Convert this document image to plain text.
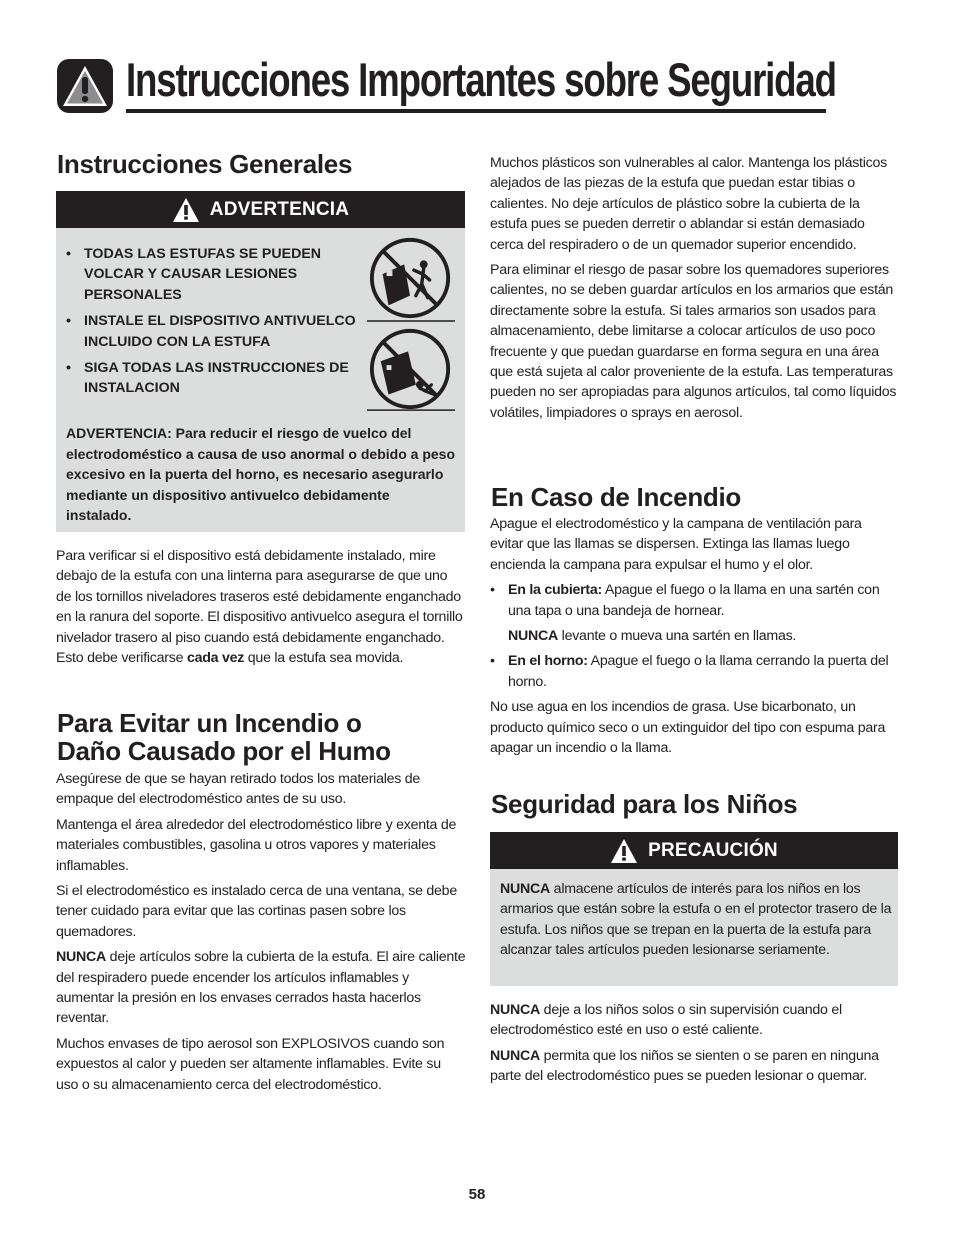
Instrucciones Importantes sobre Seguridad
Instrucciones Generales
ADVERTENCIA
• TODAS LAS ESTUFAS SE PUEDEN VOLCAR Y CAUSAR LESIONES PERSONALES
• INSTALE EL DISPOSITIVO ANTIVUELCO INCLUIDO CON LA ESTUFA
• SIGA TODAS LAS INSTRUCCIONES DE INSTALACION

ADVERTENCIA: Para reducir el riesgo de vuelco del electrodoméstico a causa de uso anormal o debido a peso excesivo en la puerta del horno, es necesario asegurarlo mediante un dispositivo antivuelco debidamente instalado.

Para verificar si el dispositivo está debidamente instalado, mire debajo de la estufa con una linterna para asegurarse de que uno de los tornillos niveladores traseros esté debidamente enganchado en la ranura del soporte. El dispositivo antivuelco asegura el tornillo nivelador trasero al piso cuando está debidamente enganchado. Esto debe verificarse cada vez que la estufa sea movida.

Para Evitar un Incendio o
Daño Causado por el Humo

Asegúrese de que se hayan retirado todos los materiales de empaque del electrodoméstico antes de su uso.

Mantenga el área alrededor del electrodoméstico libre y exenta de materiales combustibles, gasolina u otros vapores y materiales inflamables.

Si el electrodoméstico es instalado cerca de una ventana, se debe tener cuidado para evitar que las cortinas pasen sobre los quemadores.

NUNCA deje artículos sobre la cubierta de la estufa. El aire caliente del respiradero puede encender los artículos inflamables y aumentar la presión en los envases cerrados hasta hacerlos reventar.

Muchos envases de tipo aerosol son EXPLOSIVOS cuando son expuestos al calor y pueden ser altamente inflamables. Evite su uso o su almacenamiento cerca del electrodoméstico.

Muchos plásticos son vulnerables al calor. Mantenga los plásticos alejados de las piezas de la estufa que puedan estar tibias o calientes. No deje artículos de plástico sobre la cubierta de la estufa pues se pueden derretir o ablandar si están demasiado cerca del respiradero o de un quemador superior encendido.

Para eliminar el riesgo de pasar sobre los quemadores superiores calientes, no se deben guardar artículos en los armarios que están directamente sobre la estufa. Si tales armarios son usados para almacenamiento, debe limitarse a colocar artículos de uso poco frecuente y que puedan guardarse en forma segura en una área que está sujeta al calor proveniente de la estufa. Las temperaturas pueden no ser apropiadas para algunos artículos, tal como líquidos volátiles, limpiadores o sprays en aerosol.

En Caso de Incendio

Apague el electrodoméstico y la campana de ventilación para evitar que las llamas se dispersen. Extinga las llamas luego encienda la campana para expulsar el humo y el olor.

• En la cubierta: Apague el fuego o la llama en una sartén con una tapa o una bandeja de hornear.

NUNCA levante o mueva una sartén en llamas.

• En el horno: Apague el fuego o la llama cerrando la puerta del horno.

No use agua en los incendios de grasa. Use bicarbonato, un producto químico seco o un extinguidor del tipo con espuma para apagar un incendio o la llama.

Seguridad para los Niños
PRECAUCIÓN

NUNCA almacene artículos de interés para los niños en los armarios que están sobre la estufa o en el protector trasero de la estufa. Los niños que se trepan en la puerta de la estufa para alcanzar tales artículos pueden lesionarse seriamente.

NUNCA deje a los niños solos o sin supervisión cuando el electrodoméstico esté en uso o esté caliente.

NUNCA permita que los niños se sienten o se paren en ninguna parte del electrodoméstico pues se pueden lesionar o quemar.

58
